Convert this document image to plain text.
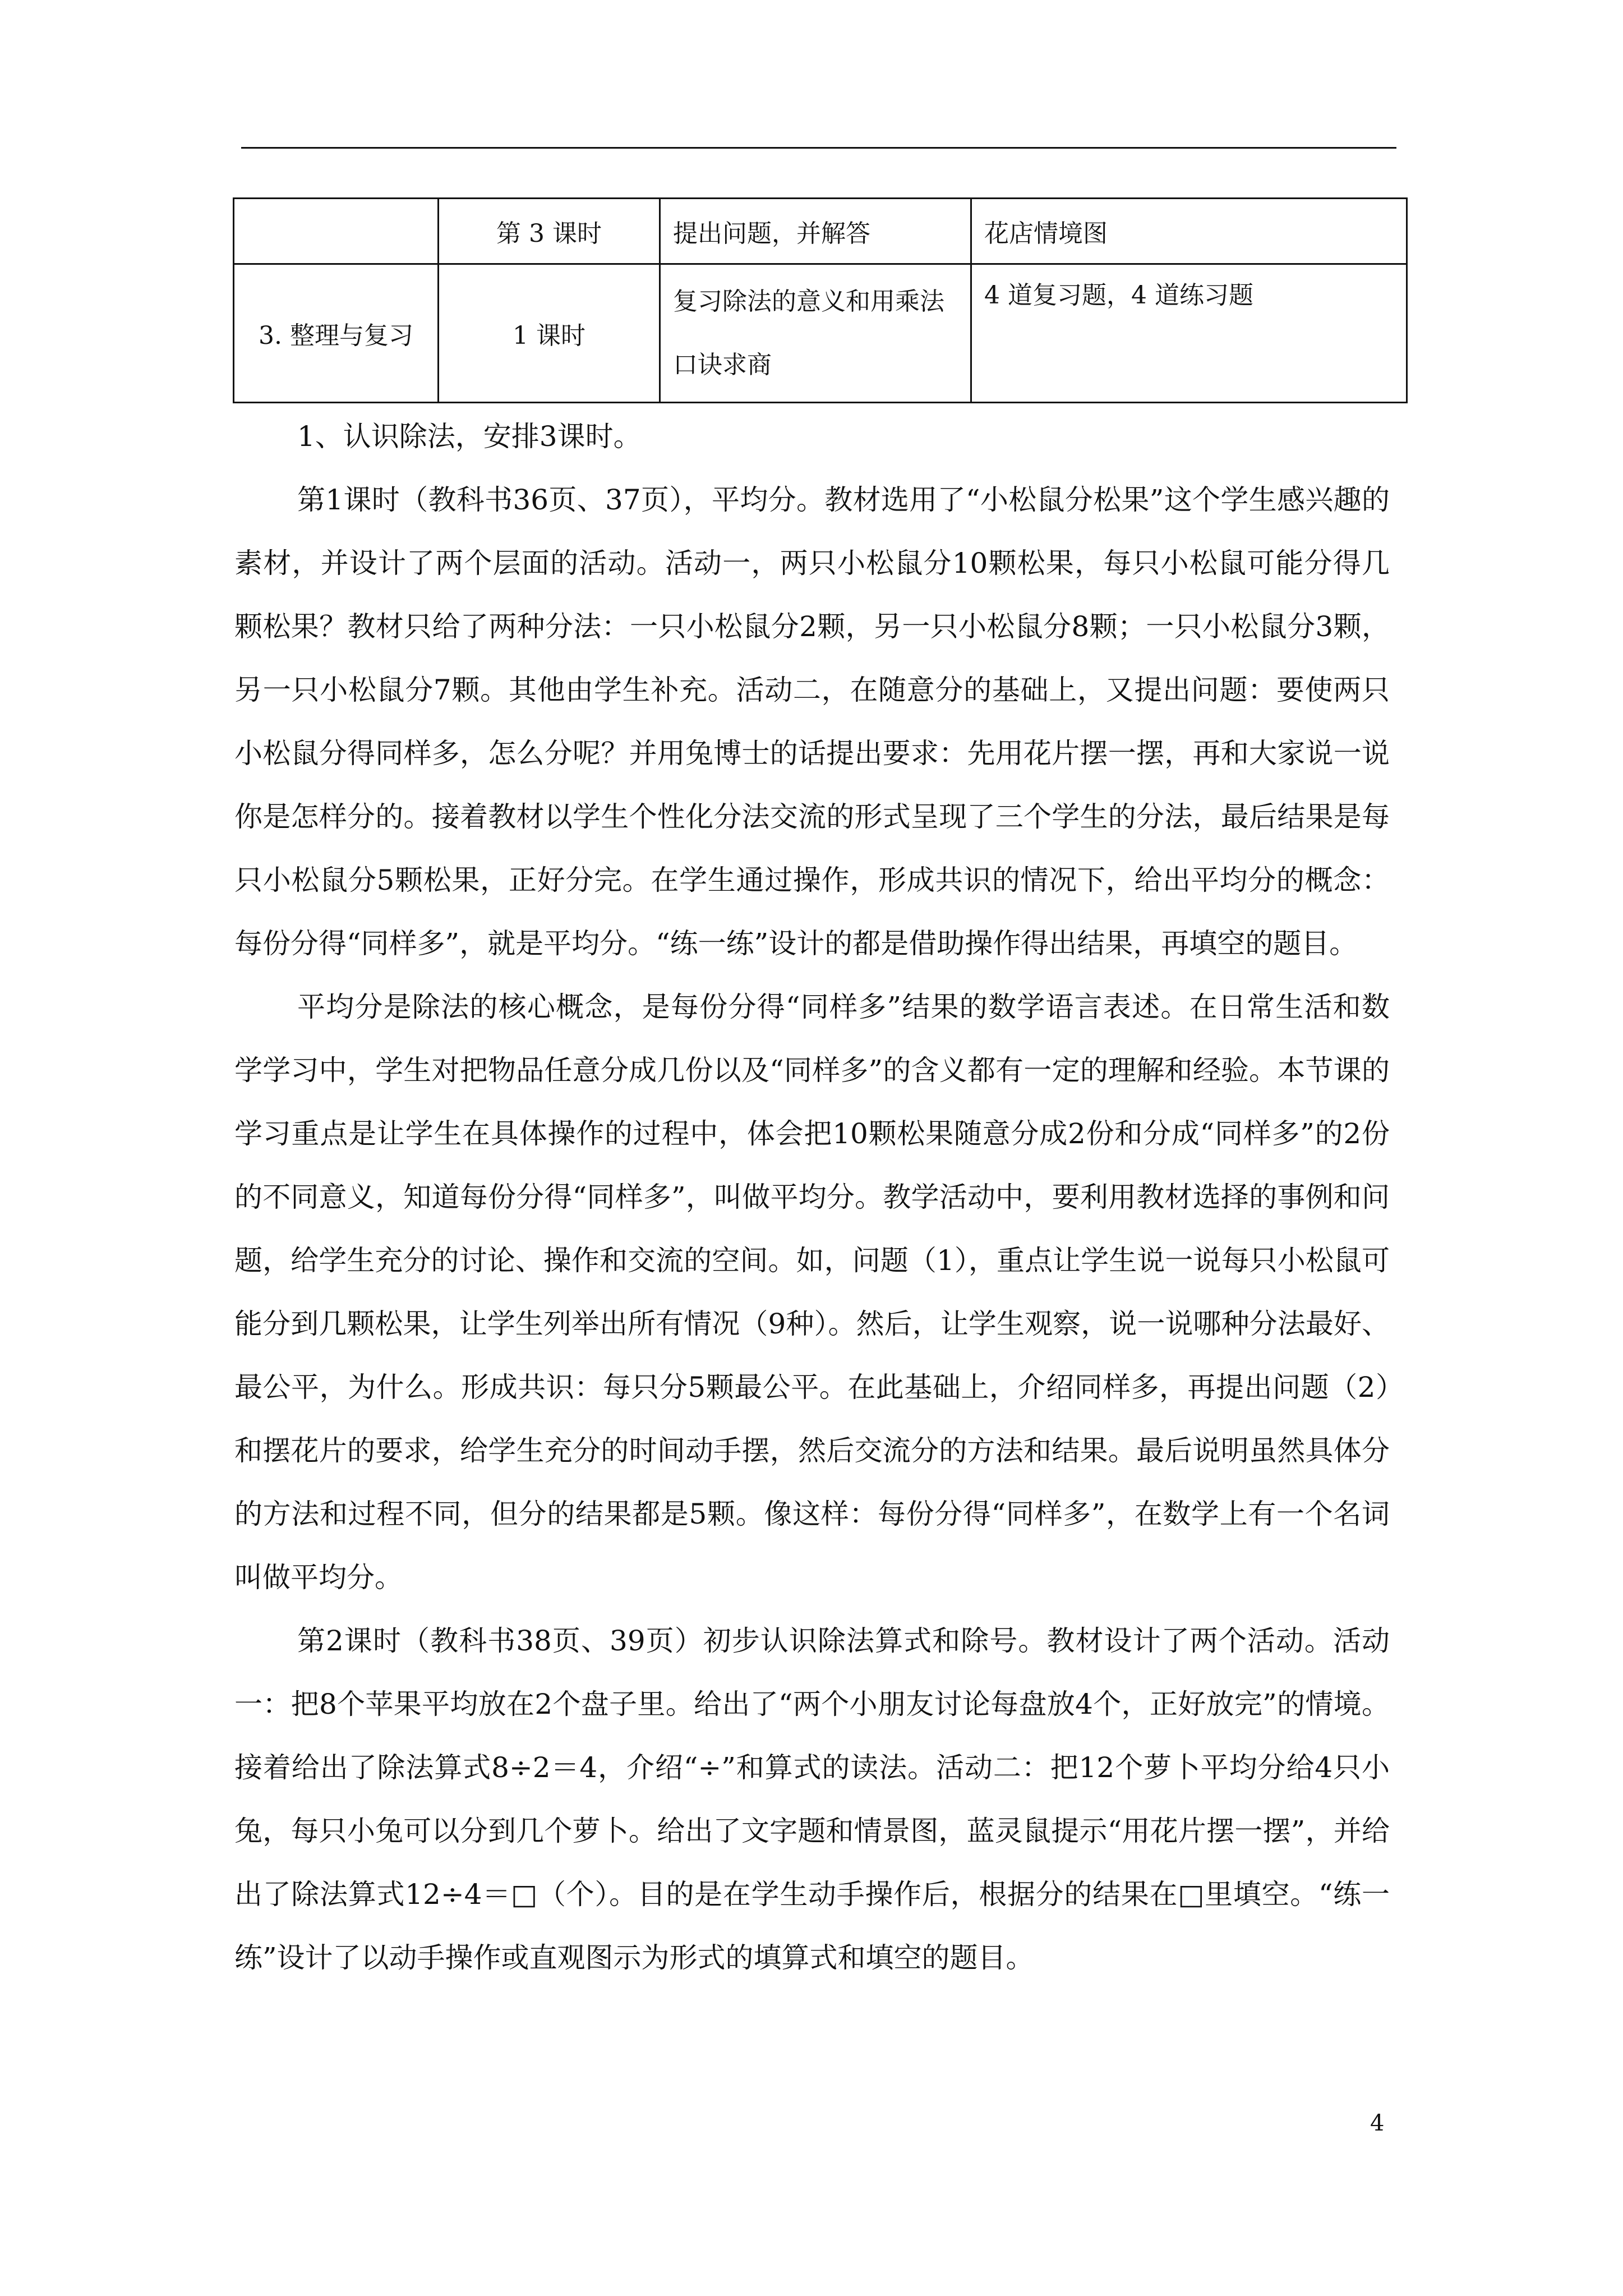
	第 3 课时	提出问题，并解答	花店情境图
3. 整理与复习	1 课时	复习除法的意义和用乘法口诀求商	4 道复习题，4 道练习题

1、认识除法，安排3课时。

第1课时（教科书36页、37页），平均分。教材选用了“小松鼠分松果”这个学生感兴趣的素材，并设计了两个层面的活动。活动一，两只小松鼠分10颗松果，每只小松鼠可能分得几颗松果？教材只给了两种分法：一只小松鼠分2颗，另一只小松鼠分8颗；一只小松鼠分3颗，另一只小松鼠分7颗。其他由学生补充。活动二，在随意分的基础上，又提出问题：要使两只小松鼠分得同样多，怎么分呢？并用兔博士的话提出要求：先用花片摆一摆，再和大家说一说你是怎样分的。接着教材以学生个性化分法交流的形式呈现了三个学生的分法，最后结果是每只小松鼠分5颗松果，正好分完。在学生通过操作，形成共识的情况下，给出平均分的概念：每份分得“同样多”，就是平均分。“练一练”设计的都是借助操作得出结果，再填空的题目。

平均分是除法的核心概念，是每份分得“同样多”结果的数学语言表述。在日常生活和数学学习中，学生对把物品任意分成几份以及“同样多”的含义都有一定的理解和经验。本节课的学习重点是让学生在具体操作的过程中，体会把10颗松果随意分成2份和分成“同样多”的2份的不同意义，知道每份分得“同样多”，叫做平均分。教学活动中，要利用教材选择的事例和问题，给学生充分的讨论、操作和交流的空间。如，问题（1），重点让学生说一说每只小松鼠可能分到几颗松果，让学生列举出所有情况（9种）。然后，让学生观察，说一说哪种分法最好、最公平，为什么。形成共识：每只分5颗最公平。在此基础上，介绍同样多，再提出问题（2）和摆花片的要求，给学生充分的时间动手摆，然后交流分的方法和结果。最后说明虽然具体分的方法和过程不同，但分的结果都是5颗。像这样：每份分得“同样多”，在数学上有一个名词叫做平均分。

第2课时（教科书38页、39页）初步认识除法算式和除号。教材设计了两个活动。活动一：把8个苹果平均放在2个盘子里。给出了“两个小朋友讨论每盘放4个，正好放完”的情境。接着给出了除法算式8÷2＝4，介绍“÷”和算式的读法。活动二：把12个萝卜平均分给4只小兔，每只小兔可以分到几个萝卜。给出了文字题和情景图，蓝灵鼠提示“用花片摆一摆”，并给出了除法算式12÷4＝□（个）。目的是在学生动手操作后，根据分的结果在□里填空。“练一练”设计了以动手操作或直观图示为形式的填算式和填空的题目。

4
